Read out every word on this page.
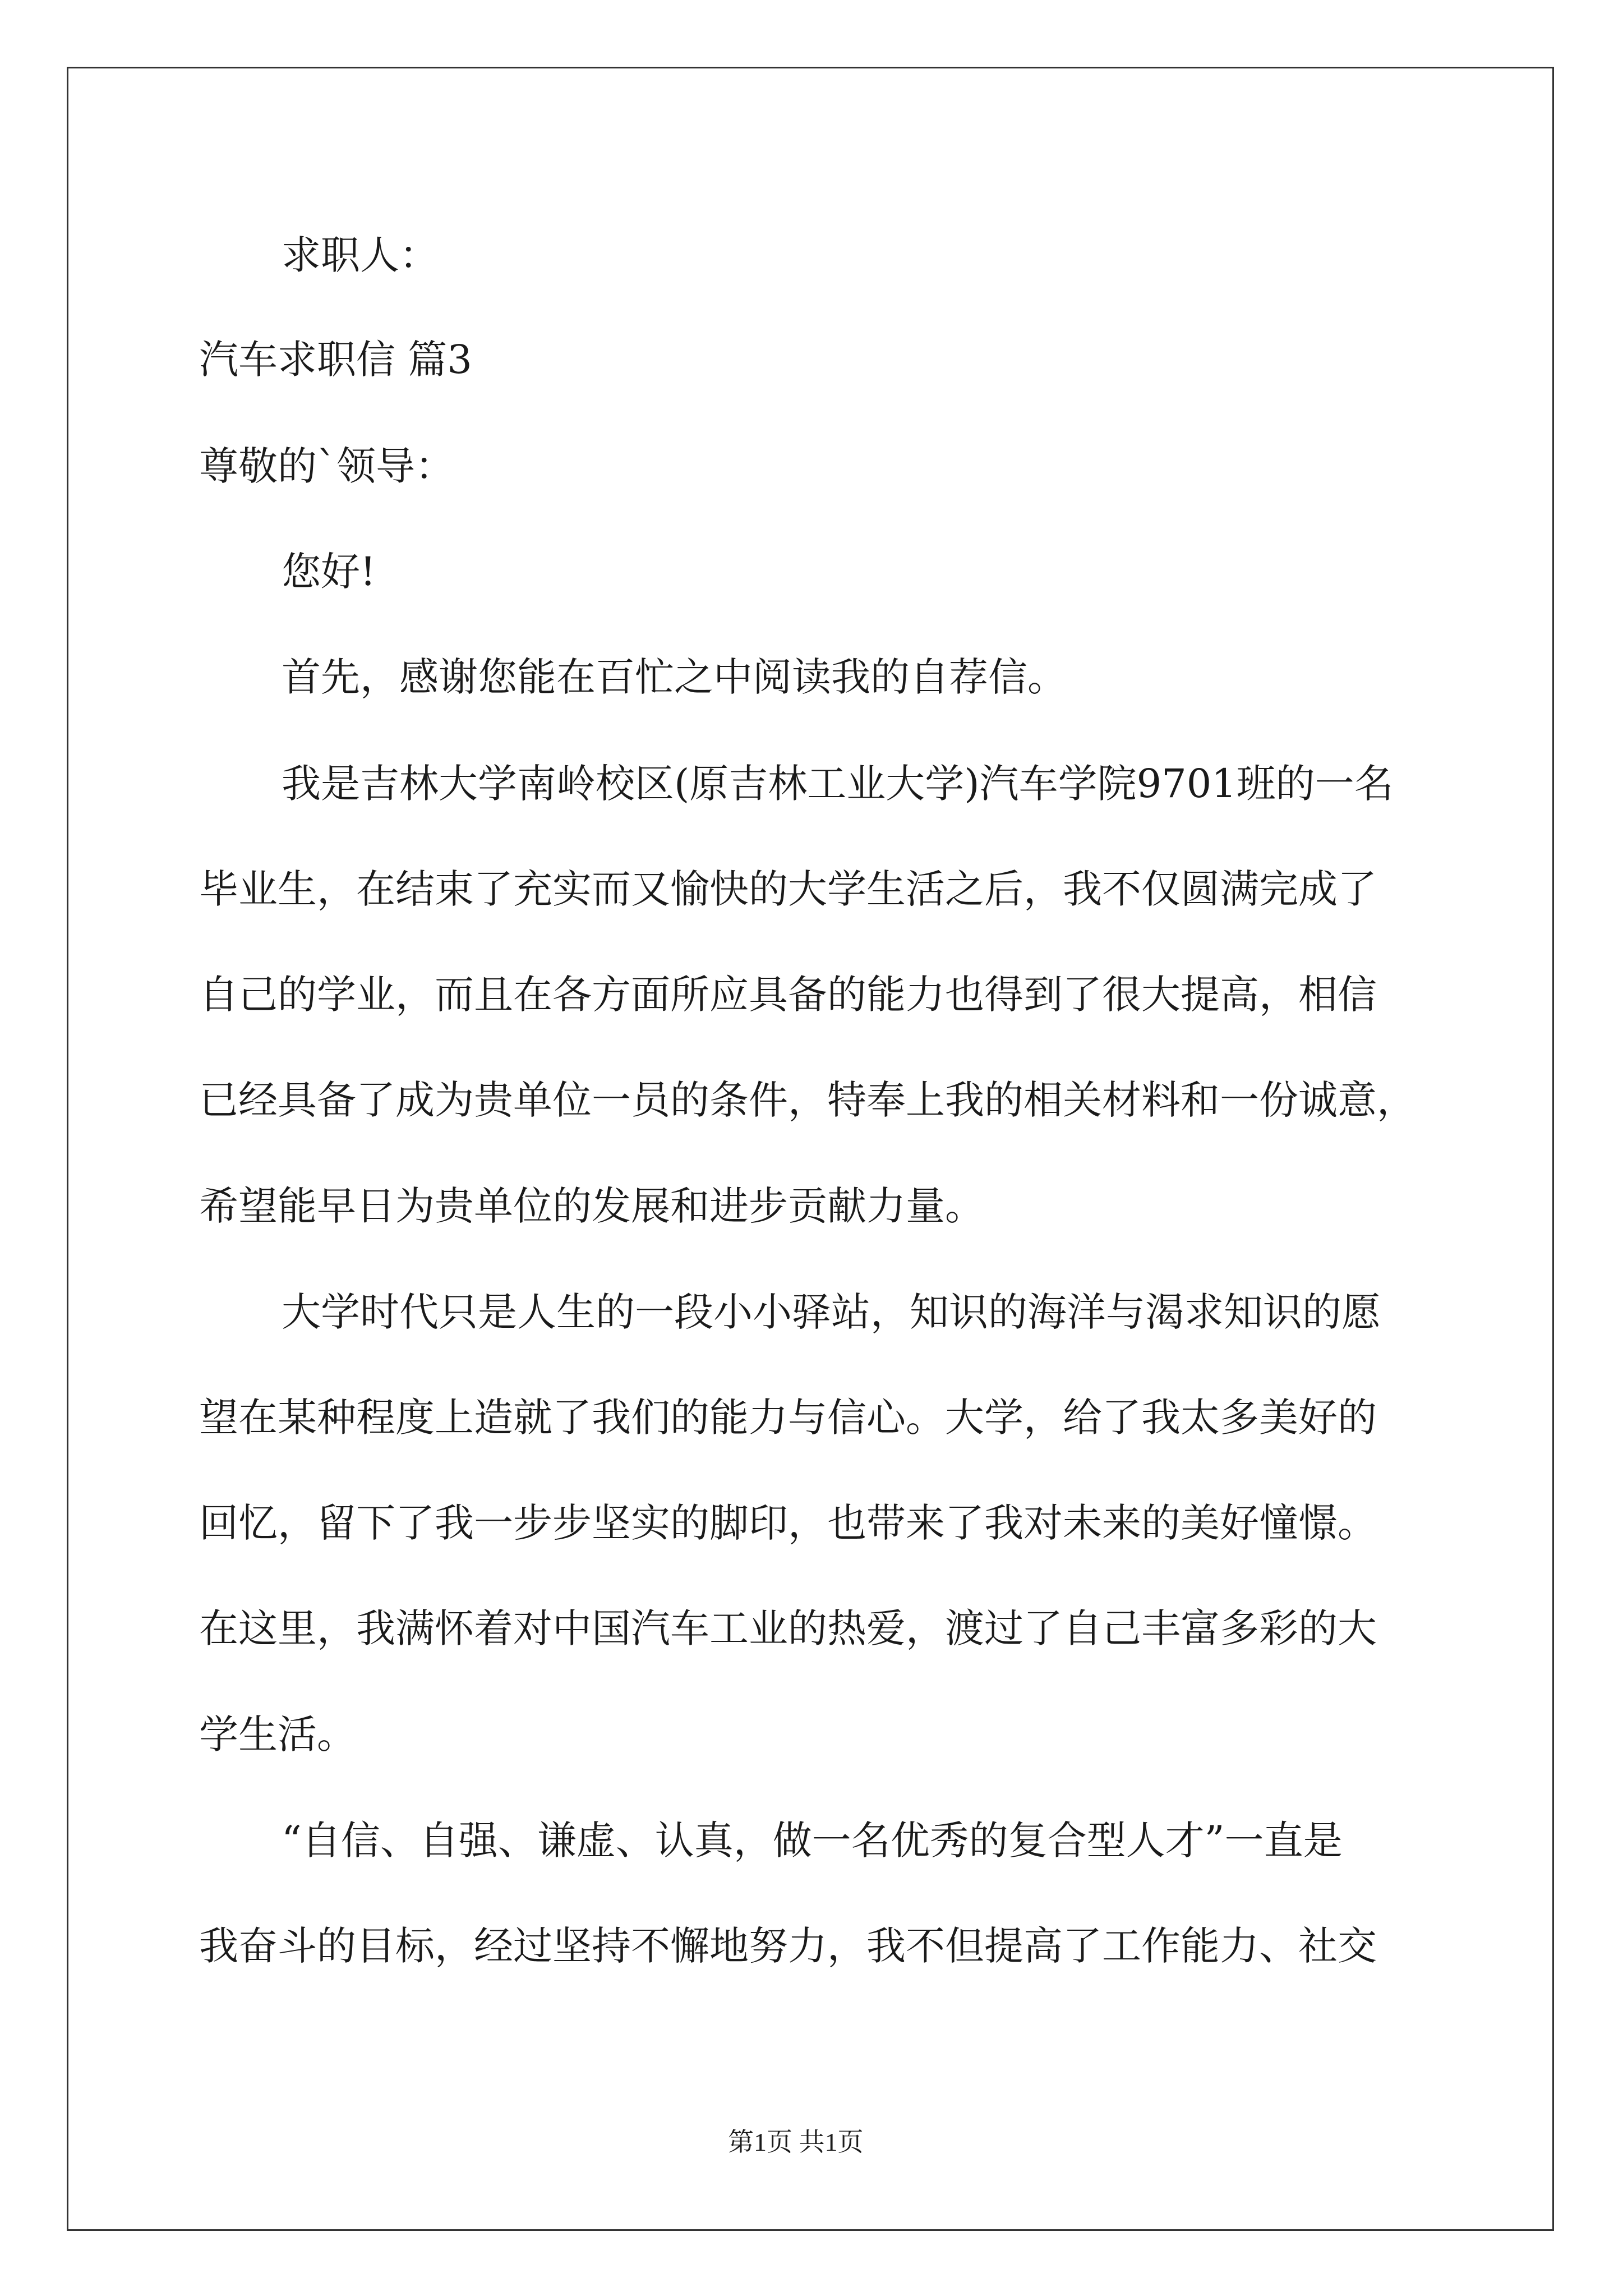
求职人：
汽车求职信 篇3
尊敬的`领导：
您好!
首先，感谢您能在百忙之中阅读我的自荐信。
我是吉林大学南岭校区(原吉林工业大学)汽车学院9701班的一名
毕业生，在结束了充实而又愉快的大学生活之后，我不仅圆满完成了
自己的学业，而且在各方面所应具备的能力也得到了很大提高，相信
已经具备了成为贵单位一员的条件，特奉上我的相关材料和一份诚意，
希望能早日为贵单位的发展和进步贡献力量。
大学时代只是人生的一段小小驿站，知识的海洋与渴求知识的愿
望在某种程度上造就了我们的能力与信心。大学，给了我太多美好的
回忆，留下了我一步步坚实的脚印，也带来了我对未来的美好憧憬。
在这里，我满怀着对中国汽车工业的热爱，渡过了自己丰富多彩的大
学生活。
“自信、自强、谦虚、认真，做一名优秀的复合型人才”一直是
我奋斗的目标，经过坚持不懈地努力，我不但提高了工作能力、社交
第1页 共1页
